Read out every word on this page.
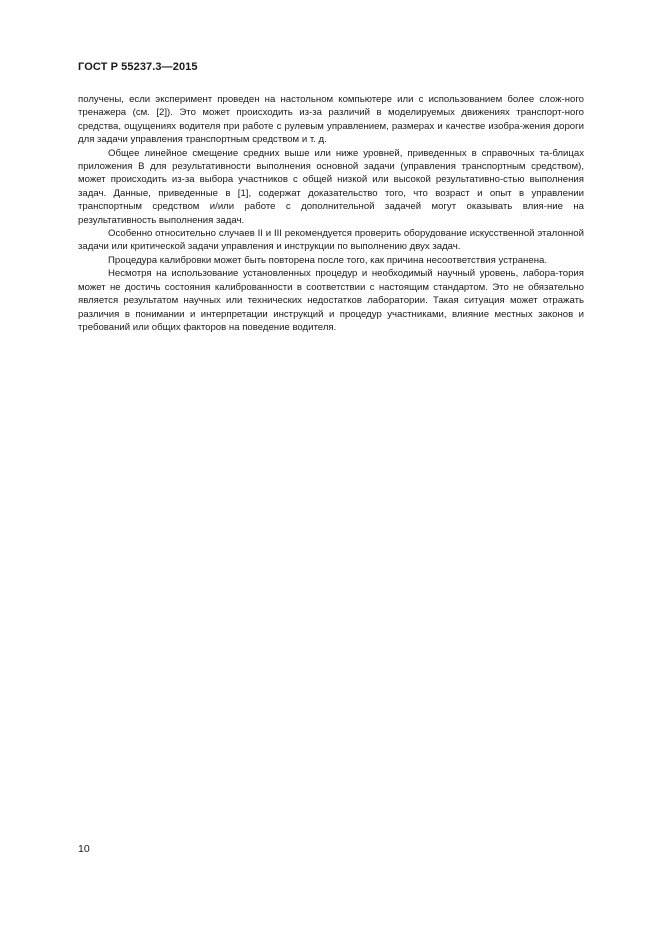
ГОСТ Р 55237.3—2015

получены, если эксперимент проведен на настольном компьютере или с использованием более слож-ного тренажера (см. [2]). Это может происходить из-за различий в моделируемых движениях транспорт-ного средства, ощущениях водителя при работе с рулевым управлением, размерах и качестве изобра-жения дороги для задачи управления транспортным средством и т. д.

Общее линейное смещение средних выше или ниже уровней, приведенных в справочных та-блицах приложения В для результативности выполнения основной задачи (управления транспортным средством), может происходить из-за выбора участников с общей низкой или высокой результативно-стью выполнения задач. Данные, приведенные в [1], содержат доказательство того, что возраст и опыт в управлении транспортным средством и/или работе с дополнительной задачей могут оказывать влия-ние на результативность выполнения задач.

Особенно относительно случаев II и III рекомендуется проверить оборудование искусственной эталонной задачи или критической задачи управления и инструкции по выполнению двух задач.

Процедура калибровки может быть повторена после того, как причина несоответствия устранена.

Несмотря на использование установленных процедур и необходимый научный уровень, лабора-тория может не достичь состояния калиброванности в соответствии с настоящим стандартом. Это не обязательно является результатом научных или технических недостатков лаборатории. Такая ситуация может отражать различия в понимании и интерпретации инструкций и процедур участниками, влияние местных законов и требований или общих факторов на поведение водителя.

10
